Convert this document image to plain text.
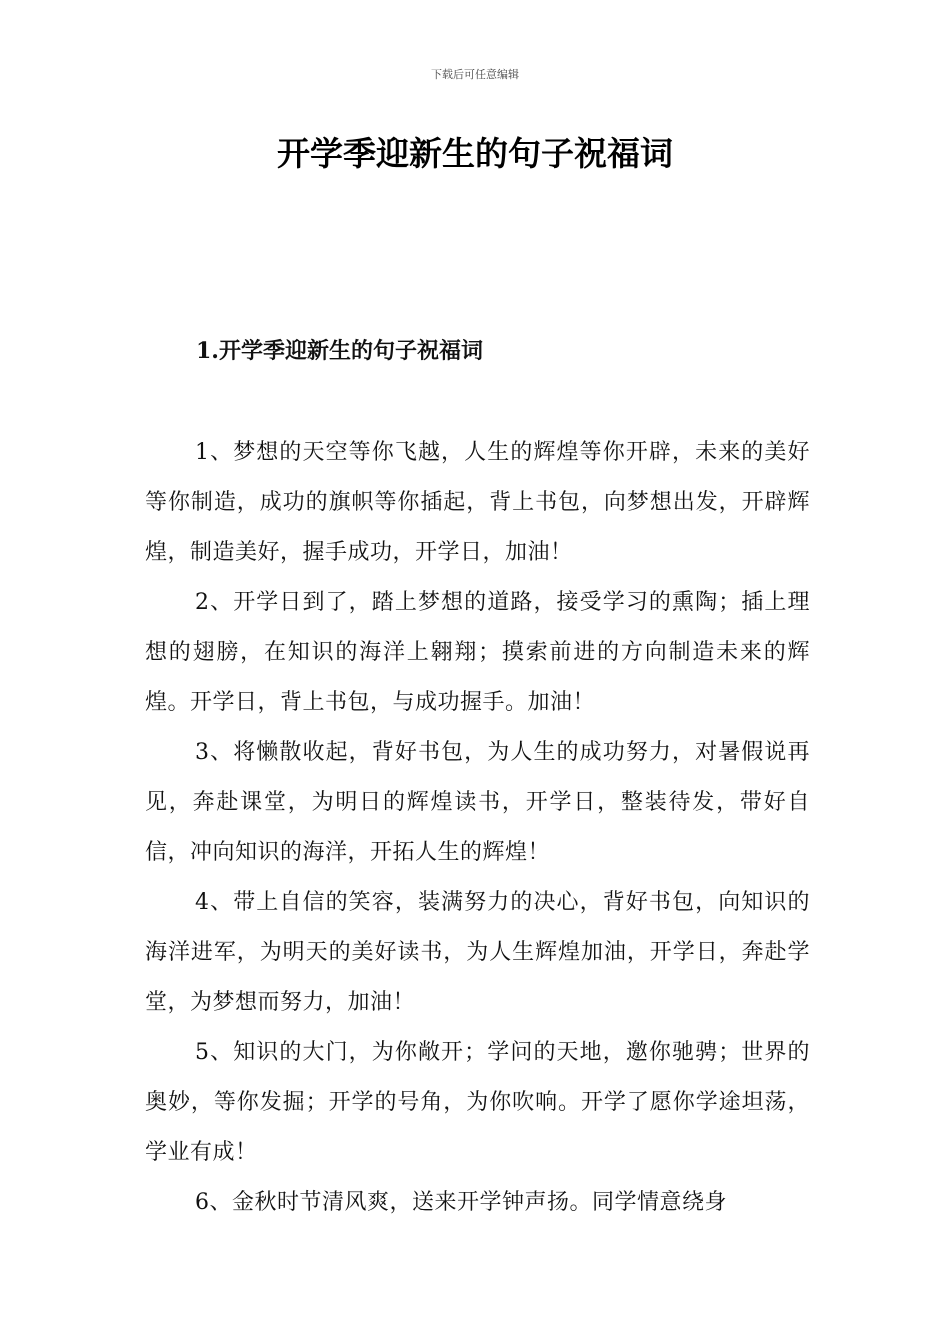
下载后可任意编辑
开学季迎新生的句子祝福词
1.开学季迎新生的句子祝福词

1、梦想的天空等你飞越，人生的辉煌等你开辟，未来的美好等你制造，成功的旗帜等你插起，背上书包，向梦想出发，开辟辉煌，制造美好，握手成功，开学日，加油！

2、开学日到了，踏上梦想的道路，接受学习的熏陶；插上理想的翅膀，在知识的海洋上翱翔；摸索前进的方向制造未来的辉煌。开学日，背上书包，与成功握手。加油！

3、将懒散收起，背好书包，为人生的成功努力，对暑假说再见，奔赴课堂，为明日的辉煌读书，开学日，整装待发，带好自信，冲向知识的海洋，开拓人生的辉煌！

4、带上自信的笑容，装满努力的决心，背好书包，向知识的海洋进军，为明天的美好读书，为人生辉煌加油，开学日，奔赴学堂，为梦想而努力，加油！

5、知识的大门，为你敞开；学问的天地，邀你驰骋；世界的奥妙，等你发掘；开学的号角，为你吹响。开学了愿你学途坦荡，学业有成！

6、金秋时节清风爽，送来开学钟声扬。同学情意绕身
